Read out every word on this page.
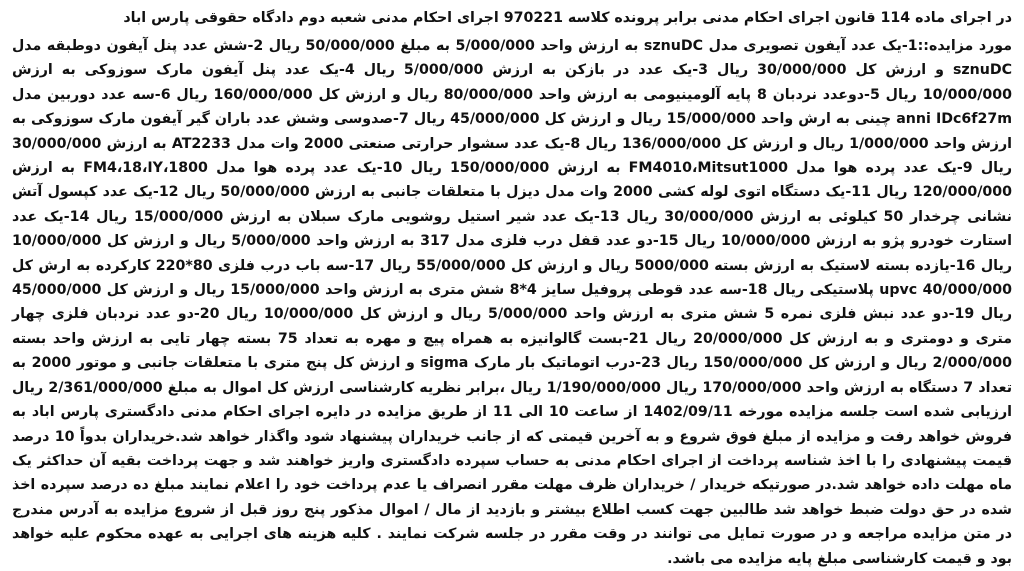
در اجرای ماده 114 قانون اجرای احکام مدنی برابر پرونده کلاسه 970221 اجرای احکام مدنی شعبه دوم دادگاه حقوقی پارس اباد

مورد مزایده::1-یک عدد آیفون تصویری مدل sznuDC به ارزش واحد 5/000/000 به مبلغ 50/000/000 ریال 2-شش عدد پنل آیفون دوطبقه مدل sznuDC و ارزش کل 30/000/000 ریال 3-یک عدد در بازکن به ارزش 5/000/000 ریال 4-یک عدد پنل آیفون مارک سوزوکی به ارزش 10/000/000 ریال 5-دوعدد نردبان 8 پایه آلومینیومی به ارزش واحد 80/000/000 ریال و ارزش کل 160/000/000 ریال 6-سه عدد دوربین مدل anni IDc6f27m چینی به ارش واحد 15/000/000 ریال و ارزش کل 45/000/000 ریال 7-صدوسی وشش عدد باران گیر آیفون مارک سوزوکی به ارزش واحد 1/000/000 ریال و ارزش کل 136/000/000 ریال 8-یک عدد سشوار حرارتی صنعتی 2000 وات مدل AT2233 به ارزش 30/000/000 ریال 9-یک عدد پرده هوا مدل FM4010،Mitsut1000 به ارزش 150/000/000 ریال 10-یک عدد پرده هوا مدل FM4،18،IY،1800 به ارزش 120/000/000 ریال 11-یک دستگاه اتوی لوله کشی 2000 وات مدل دیزل با متعلقات جانبی به ارزش 50/000/000 ریال 12-یک عدد کپسول آتش نشانی چرخدار 50 کیلوئی به ارزش 30/000/000 ریال 13-یک عدد شیر استیل روشویی مارک سبلان به ارزش 15/000/000 ریال 14-یک عدد استارت خودرو پژو به ارزش 10/000/000 ریال 15-دو عدد قفل درب فلزی مدل 317 به ارزش واحد 5/000/000 ریال و ارزش کل 10/000/000 ریال 16-یازده بسته لاستیک به ارزش بسته 5000/000 ریال و ارزش کل 55/000/000 ریال 17-سه باب درب فلزی 80*220 کارکرده به ارش کل 40/000/000 upvc پلاستیکی ریال 18-سه عدد قوطی پروفیل سایز 4*8 شش متری به ارزش واحد 15/000/000 ریال و ارزش کل 45/000/000 ریال 19-دو عدد نبش فلزی نمره 5 شش متری به ارزش واحد 5/000/000 ریال و ارزش کل 10/000/000 ریال 20-دو عدد نردبان فلزی چهار متری و دومتری و به ارزش کل 20/000/000 ریال 21-بست گالوانیزه به همراه پیچ و مهره به تعداد 75 بسته چهار تایی به ارزش واحد بسته 2/000/000 ریال و ارزش کل 150/000/000 ریال 23-درب اتوماتیک بار مارک sigma و ارزش کل پنج متری با متعلقات جانبی و موتور 2000 به تعداد 7 دستگاه به ارزش واحد 170/000/000 ریال 1/190/000/000 ریال ،برابر نظریه کارشناسی ارزش کل اموال به مبلغ 2/361/000/000 ریال ارزیابی شده است جلسه مزایده مورخه 1402/09/11 از ساعت 10 الی 11 از طریق مزایده در دایره اجرای احکام مدنی دادگستری پارس اباد به فروش خواهد رفت و مزایده از مبلغ فوق شروع و به آخرین قیمتی که از جانب خریداران پیشنهاد شود واگذار خواهد شد.خریداران بدواً 10 درصد قیمت پیشنهادی را با اخذ شناسه پرداخت از اجرای احکام مدنی به حساب سپرده دادگستری واریز خواهند شد و جهت پرداخت بقیه آن حداکثر یک ماه مهلت داده خواهد شد.در صورتیکه خریدار / خریداران ظرف مهلت مقرر انصراف یا عدم پرداخت خود را اعلام نمایند مبلغ ده درصد سپرده اخذ شده در حق دولت ضبط خواهد شد طالبین جهت کسب اطلاع بیشتر و بازدید از مال / اموال مذکور پنج روز قبل از شروع مزایده به آدرس مندرج در متن مزایده مراجعه و در صورت تمایل می توانند در وقت مقرر در جلسه شرکت نمایند . کلیه هزینه های اجرایی به عهده محکوم علیه خواهد بود و قیمت کارشناسی مبلغ پایه مزایده می باشد.
